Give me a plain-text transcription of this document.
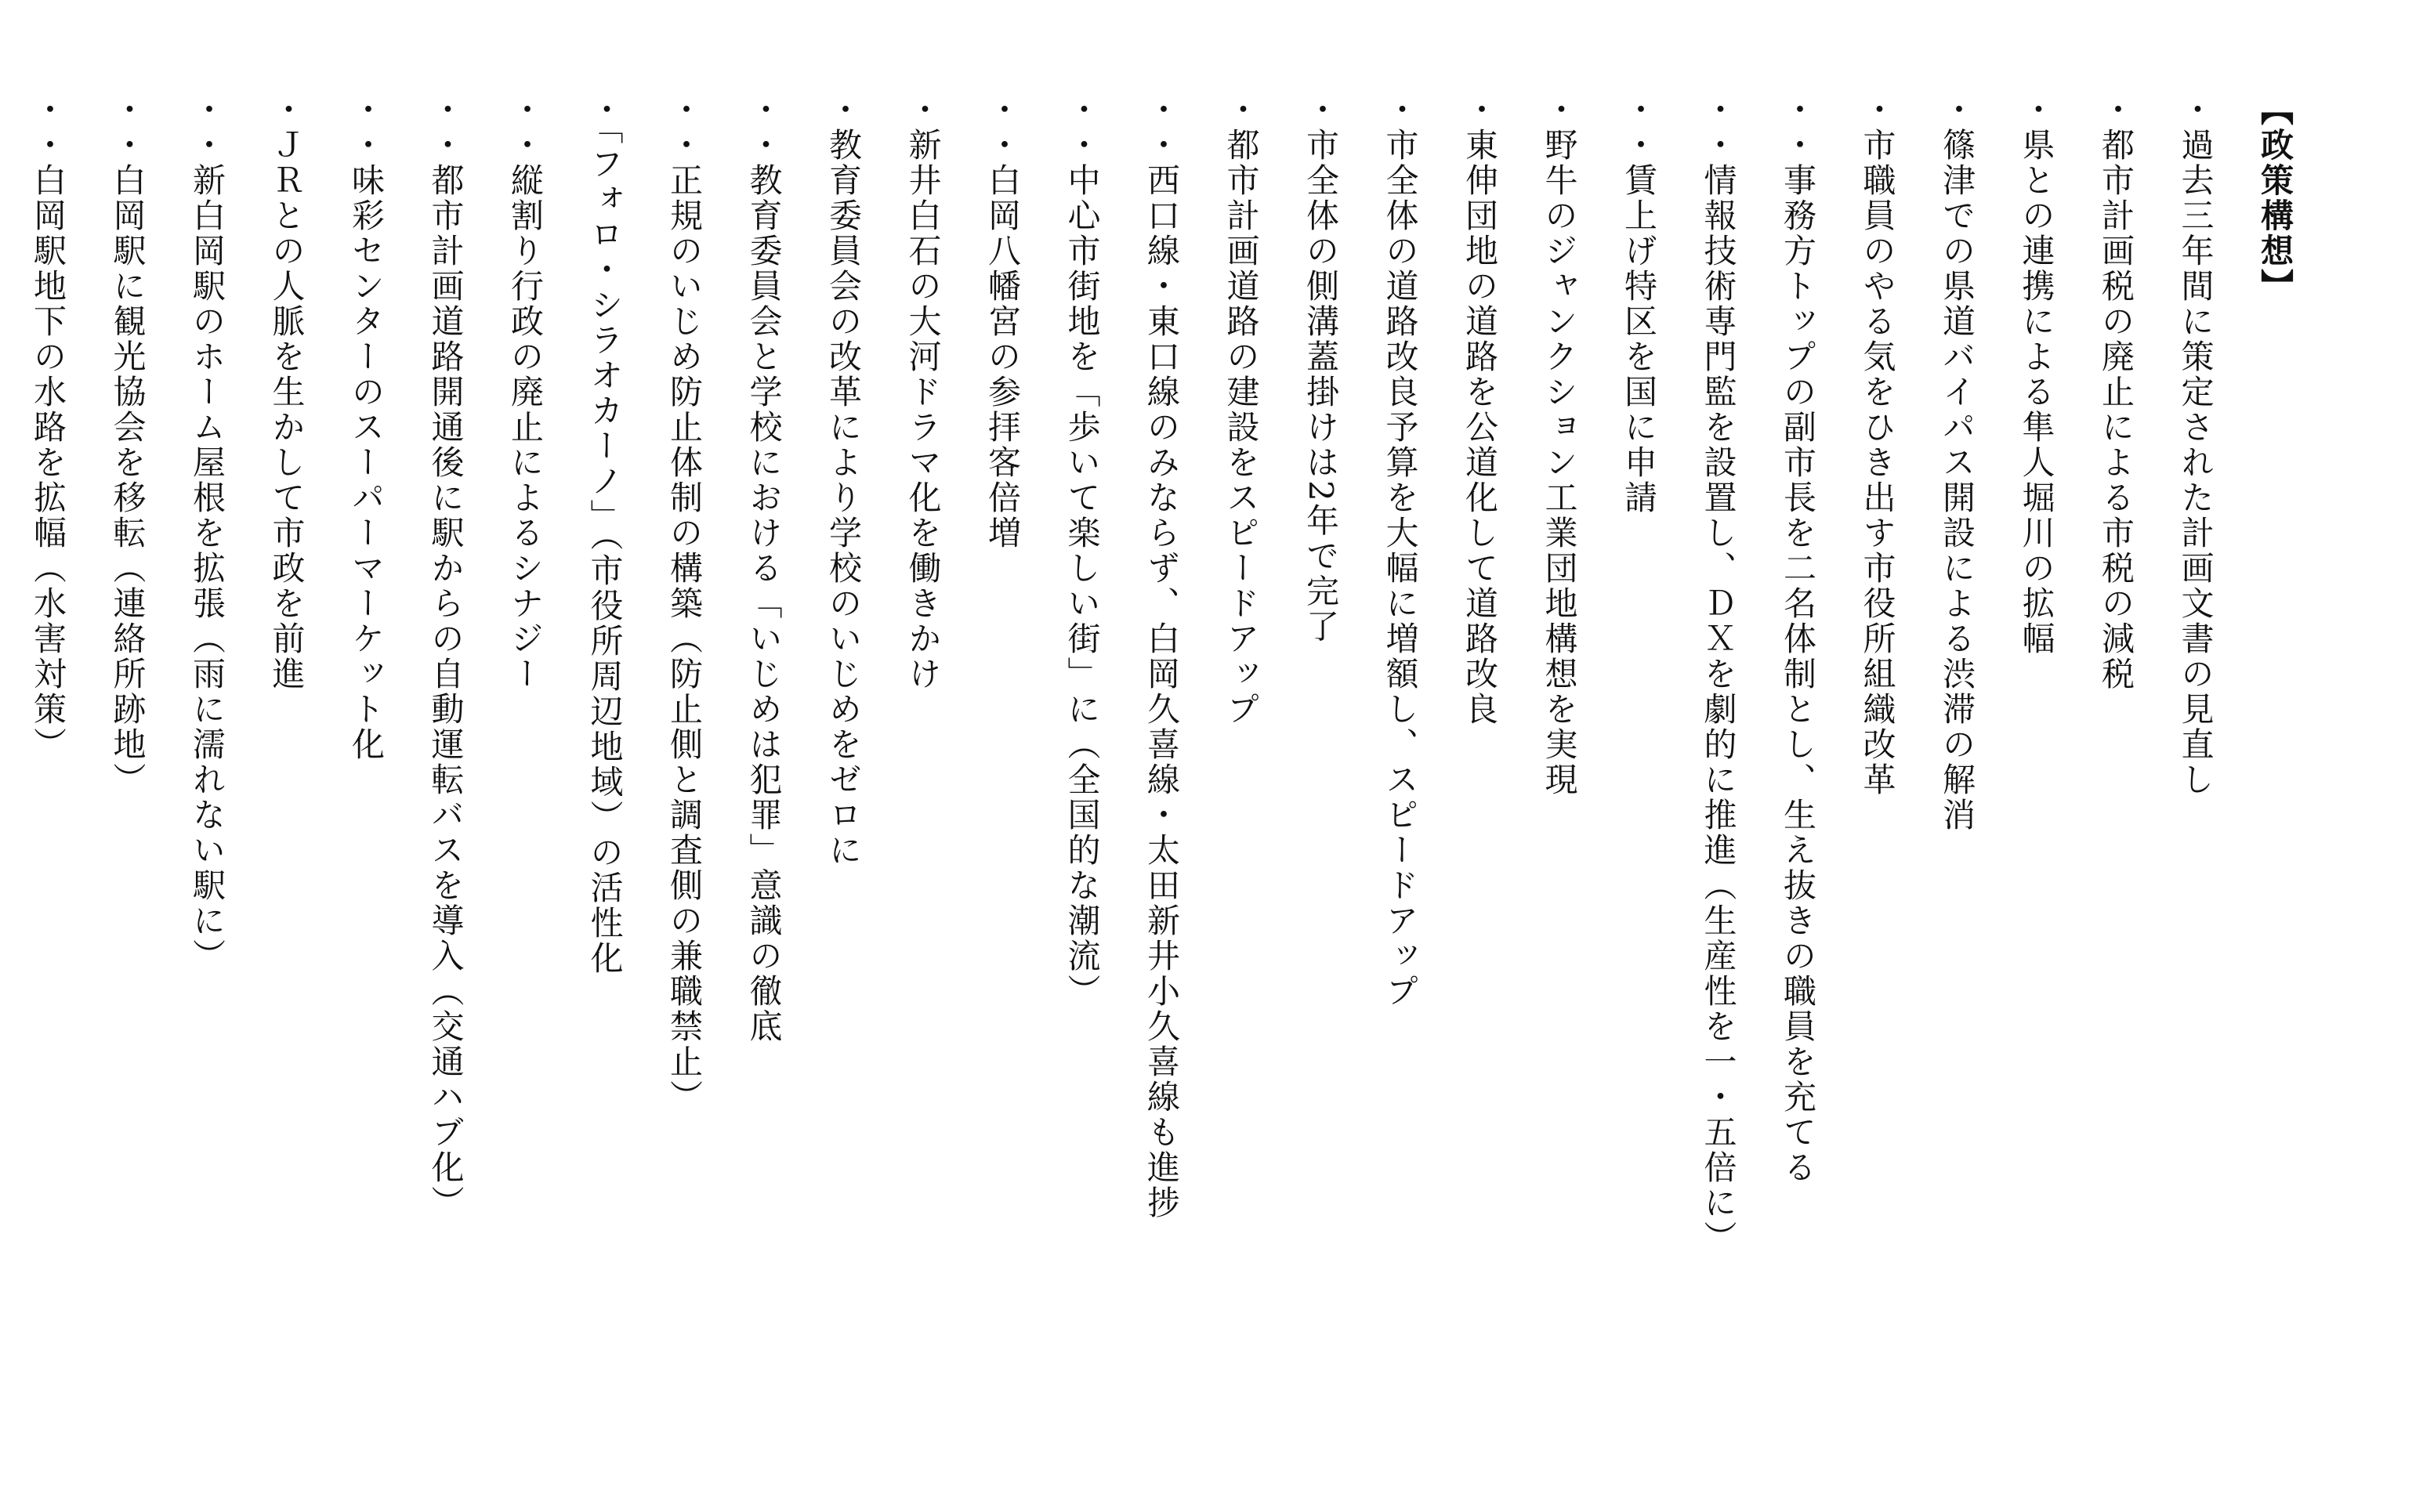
【政策構想】
・過去三年間に策定された計画文書の見直し
・都市計画税の廃止による市税の減税
・県との連携による隼人堀川の拡幅
・篠津での県道バイパス開設による渋滞の解消
・市職員のやる気をひき出す市役所組織改革
・・事務方トップの副市長を二名体制とし、生え抜きの職員を充てる
・・情報技術専門監を設置し、ＤＸを劇的に推進（生産性を一・五倍に）
・・賃上げ特区を国に申請
・野牛のジャンクション工業団地構想を実現
・東伸団地の道路を公道化して道路改良
・市全体の道路改良予算を大幅に増額し、スピードアップ
・市全体の側溝蓋掛けは2年で完了
・都市計画道路の建設をスピードアップ
・・西口線・東口線のみならず、白岡久喜線・太田新井小久喜線も進捗
・・中心市街地を「歩いて楽しい街」に（全国的な潮流）
・・白岡八幡宮の参拝客倍増
・新井白石の大河ドラマ化を働きかけ
・教育委員会の改革により学校のいじめをゼロに
・・教育委員会と学校における「いじめは犯罪」意識の徹底
・・正規のいじめ防止体制の構築（防止側と調査側の兼職禁止）
・「フォロ・シラオカーノ」（市役所周辺地域）の活性化
・・縦割り行政の廃止によるシナジー
・・都市計画道路開通後に駅からの自動運転バスを導入（交通ハブ化）
・・味彩センターのスーパーマーケット化
・ＪＲとの人脈を生かして市政を前進
・・新白岡駅のホーム屋根を拡張（雨に濡れない駅に）
・・白岡駅に観光協会を移転（連絡所跡地）
・・白岡駅地下の水路を拡幅（水害対策）
